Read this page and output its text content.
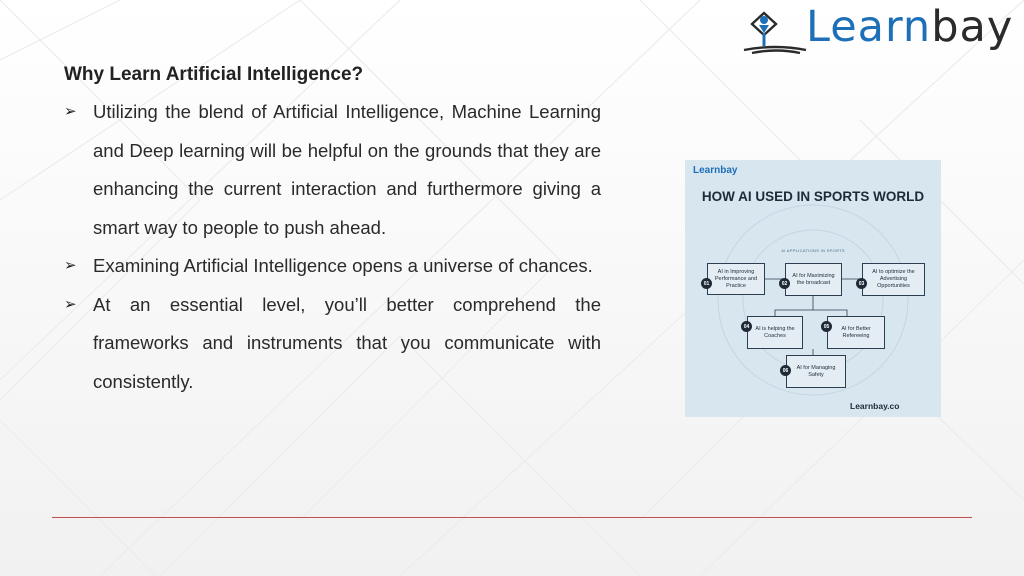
Learnbay
Why Learn Artificial Intelligence?
➢ Utilizing the blend of Artificial Intelligence, Machine Learning and Deep learning will be helpful on the grounds that they are enhancing the current interaction and furthermore giving a smart way to people to push ahead.
➢ Examining Artificial Intelligence opens a universe of chances.
➢ At an essential level, you’ll better comprehend the frameworks and instruments that you communicate with consistently.
Learnbay
HOW AI USED IN SPORTS WORLD
AI APPLICATIONS IN SPORTS
AI in Improving Performance and Practice
01
AI for Maximizing the broadcast
02
AI to optimize the Advertising Opportunities
03
AI is helping the Coaches
04	AI for Better Refereeing
05
AI for Managing Safety
06
Learnbay.co
